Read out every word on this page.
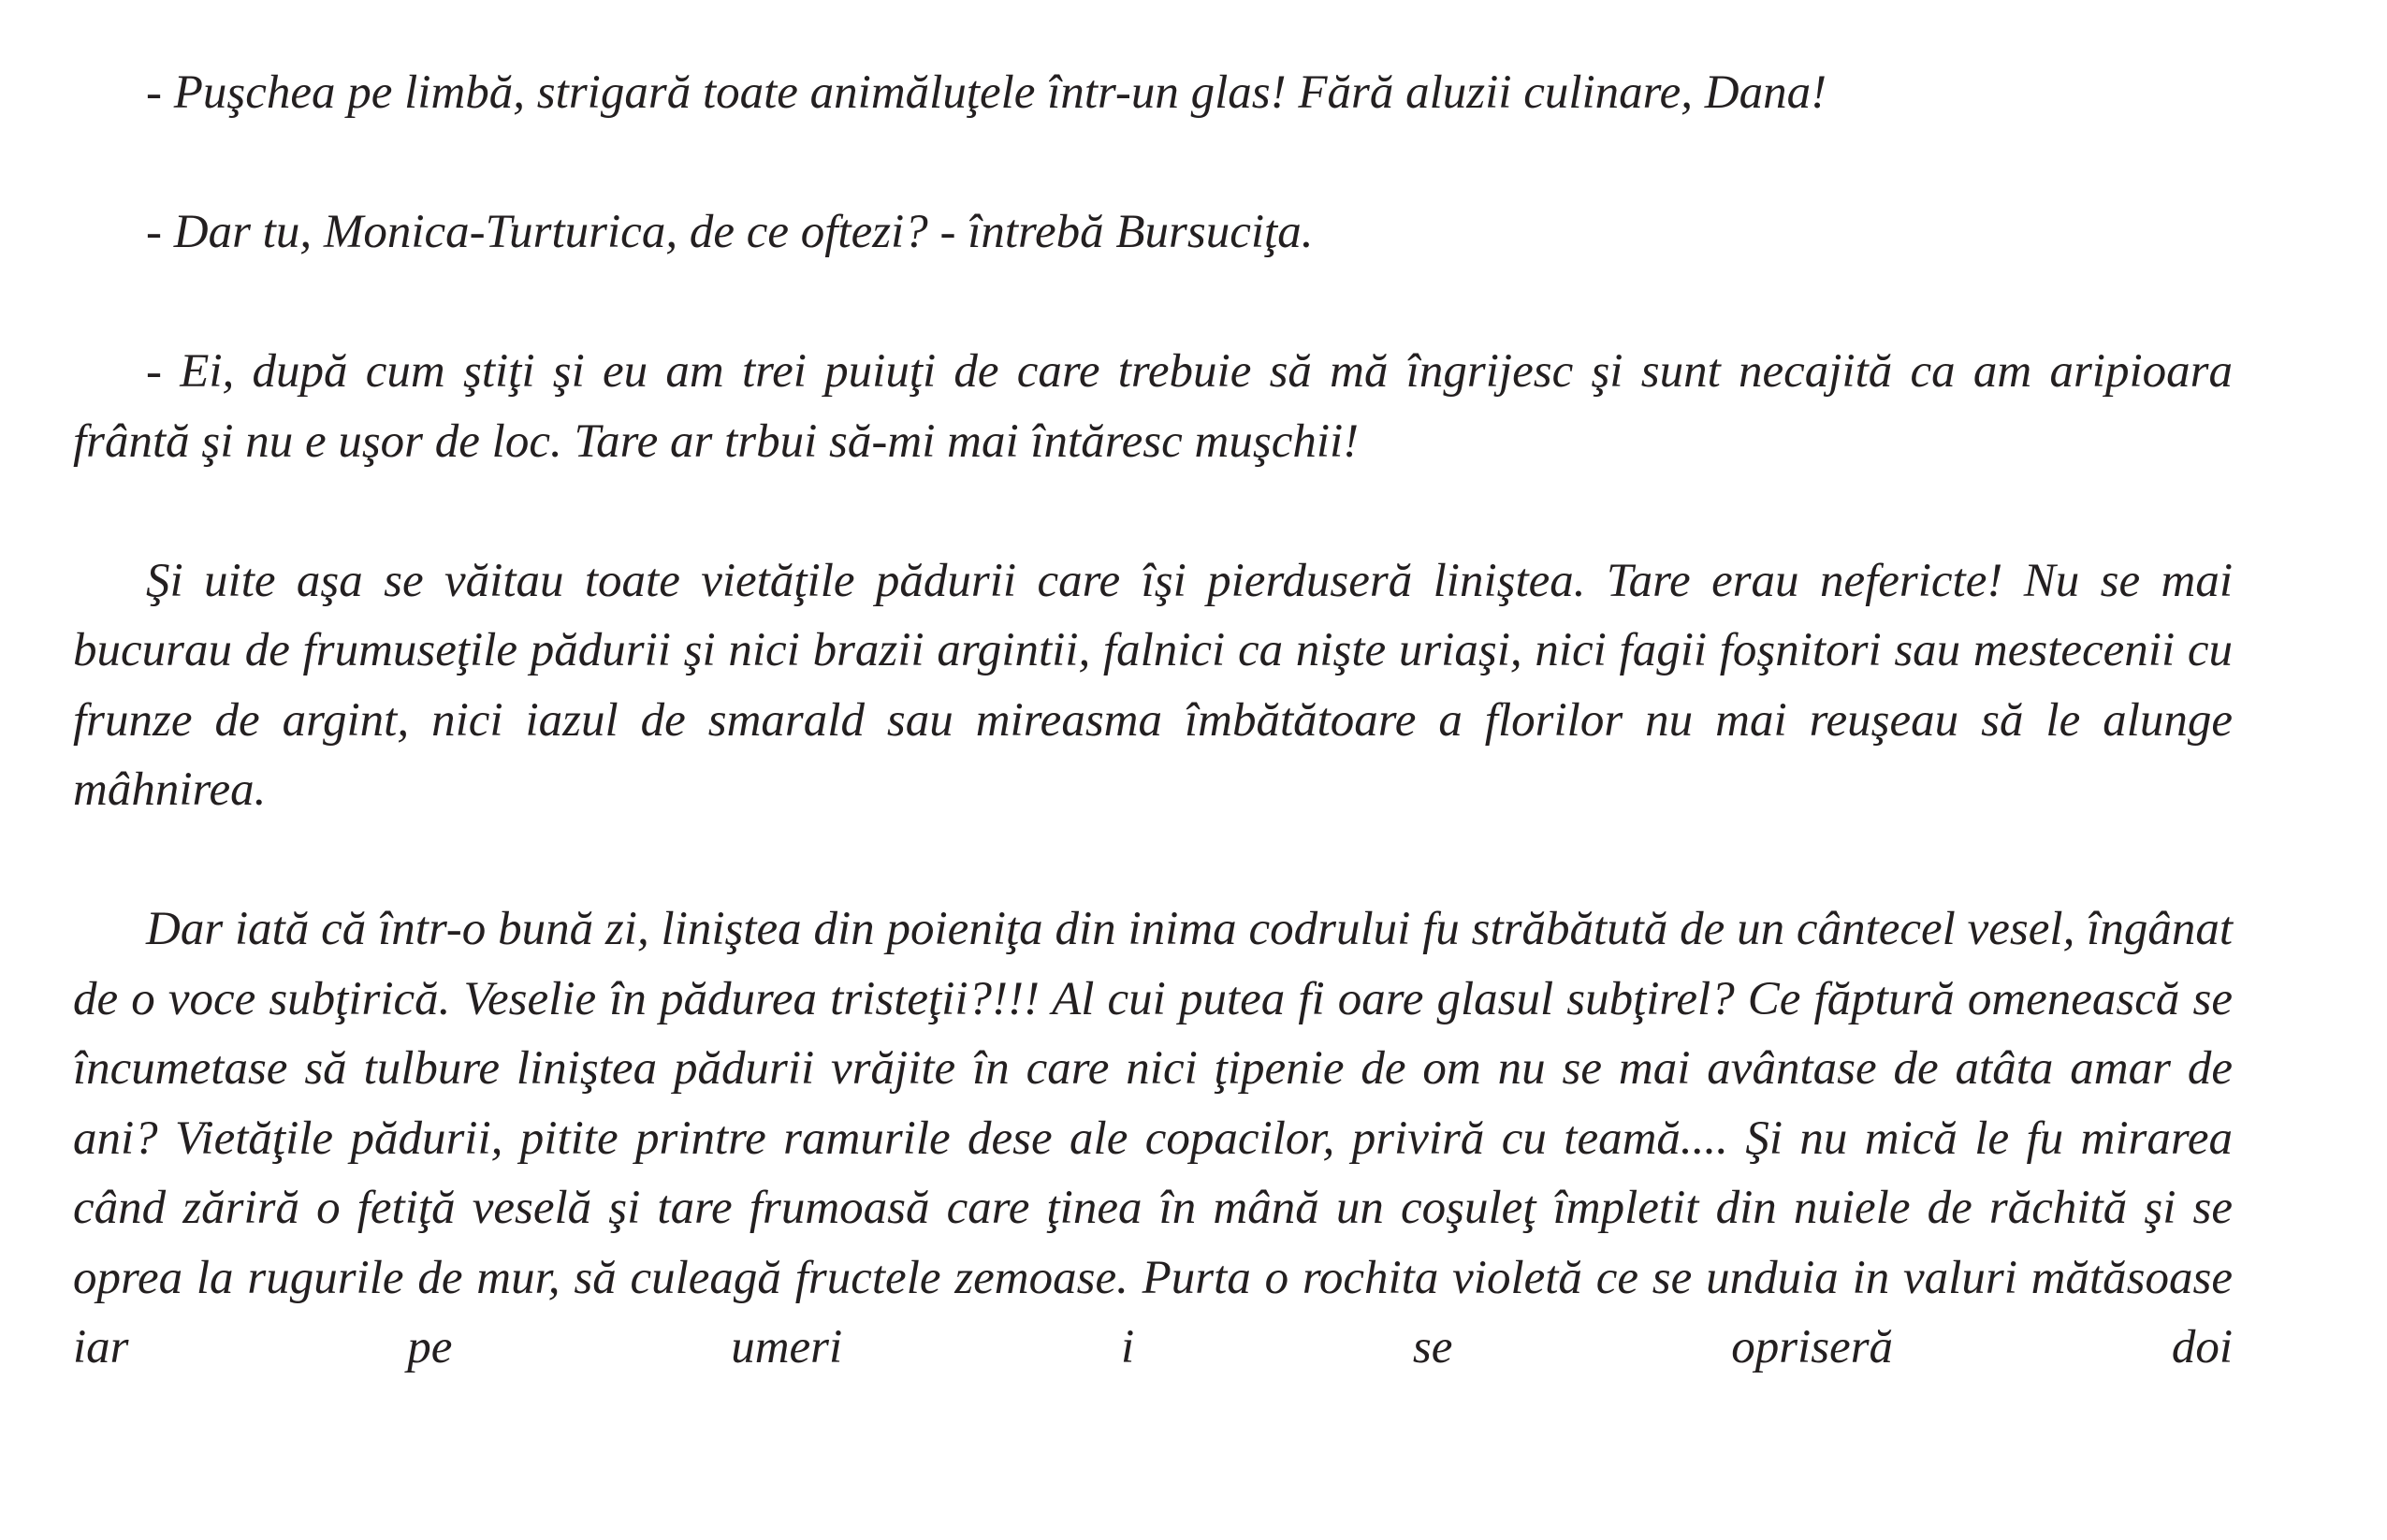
- Puşchea pe limbă, strigară toate animăluţele într-un glas! Fără aluzii culinare, Dana!

- Dar tu, Monica-Turturica, de ce oftezi? - întrebă Bursuciţa.

- Ei, după cum ştiţi şi eu am trei puiuţi de care trebuie să mă îngrijesc şi sunt necajită ca am aripioara frântă şi nu e uşor de loc. Tare ar trbui să-mi mai întăresc muşchii!

Şi uite aşa se văitau toate vietăţile pădurii care îşi pierduseră liniştea. Tare erau nefericte! Nu se mai bucurau de frumuseţile pădurii şi nici brazii argintii, falnici ca nişte uriaşi, nici fagii foşnitori sau mestecenii cu frunze de argint, nici iazul de smarald sau mireasma îmbătătoare a florilor nu mai reuşeau să le alunge mâhnirea.

Dar iată că într-o bună zi, liniştea din poieniţa din inima codrului fu străbătută de un cântecel vesel, îngânat de o voce subţirică. Veselie în pădurea tristeţii?!!! Al cui putea fi oare glasul subţirel? Ce făptură omenească se încumetase să tulbure liniştea pădurii vrăjite în care nici ţipenie de om nu se mai avântase de atâta amar de ani? Vietăţile pădurii, pitite printre ramurile dese ale copacilor, priviră cu teamă.... Şi nu mică le fu mirarea când zăriră o fetiţă veselă şi tare frumoasă care ţinea în mână un coşuleţ împletit din nuiele de răchită şi se oprea la rugurile de mur, să culeagă fructele zemoase. Purta o rochita violetă ce se unduia in valuri mătăsoase iar pe umeri i se opriseră doi
